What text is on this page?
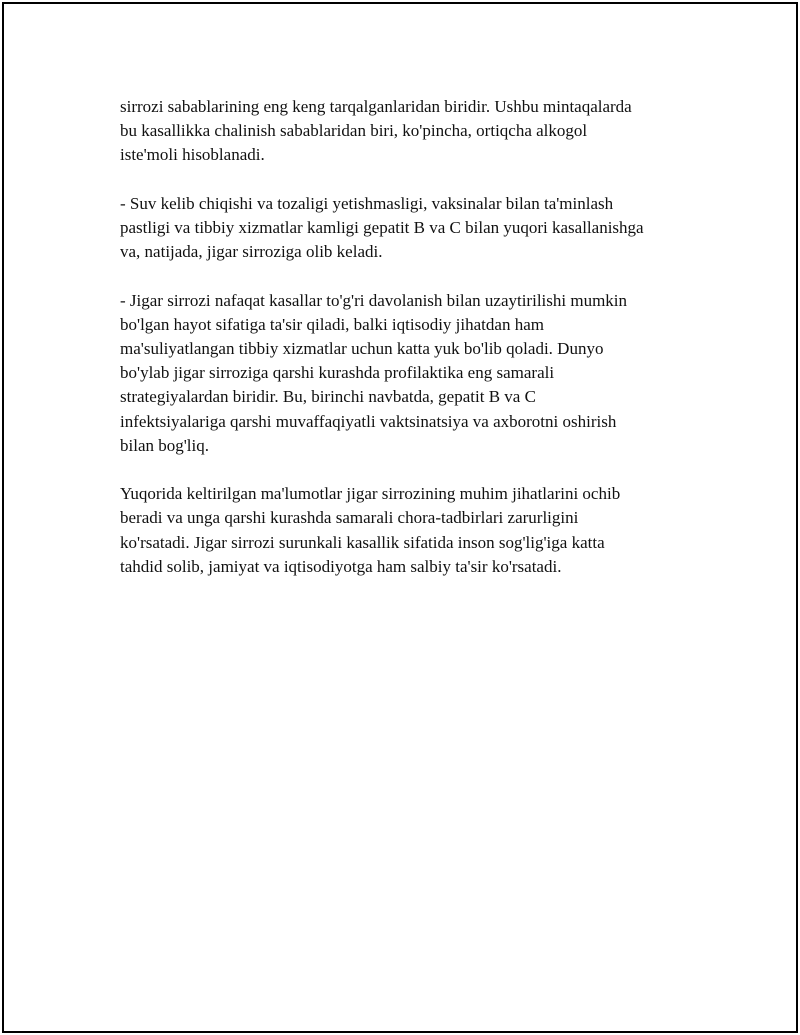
sirrozi sabablarining eng keng tarqalganlaridan biridir. Ushbu mintaqalarda
bu kasallikka chalinish sabablaridan biri, ko'pincha, ortiqcha alkogol
iste'moli hisoblanadi.

- Suv kelib chiqishi va tozaligi yetishmasligi, vaksinalar bilan ta'minlash
pastligi va tibbiy xizmatlar kamligi gepatit B va C bilan yuqori kasallanishga
va, natijada, jigar sirroziga olib keladi.

- Jigar sirrozi nafaqat kasallar to'g'ri davolanish bilan uzaytirilishi mumkin
bo'lgan hayot sifatiga ta'sir qiladi, balki iqtisodiy jihatdan ham
ma'suliyatlangan tibbiy xizmatlar uchun katta yuk bo'lib qoladi. Dunyo
bo'ylab jigar sirroziga qarshi kurashda profilaktika eng samarali
strategiyalardan biridir. Bu, birinchi navbatda, gepatit B va C
infektsiyalariga qarshi muvaffaqiyatli vaktsinatsiya va axborotni oshirish
bilan bog'liq.

Yuqorida keltirilgan ma'lumotlar jigar sirrozining muhim jihatlarini ochib
beradi va unga qarshi kurashda samarali chora-tadbirlari zarurligini
ko'rsatadi. Jigar sirrozi surunkali kasallik sifatida inson sog'lig'iga katta
tahdid solib, jamiyat va iqtisodiyotga ham salbiy ta'sir ko'rsatadi.
